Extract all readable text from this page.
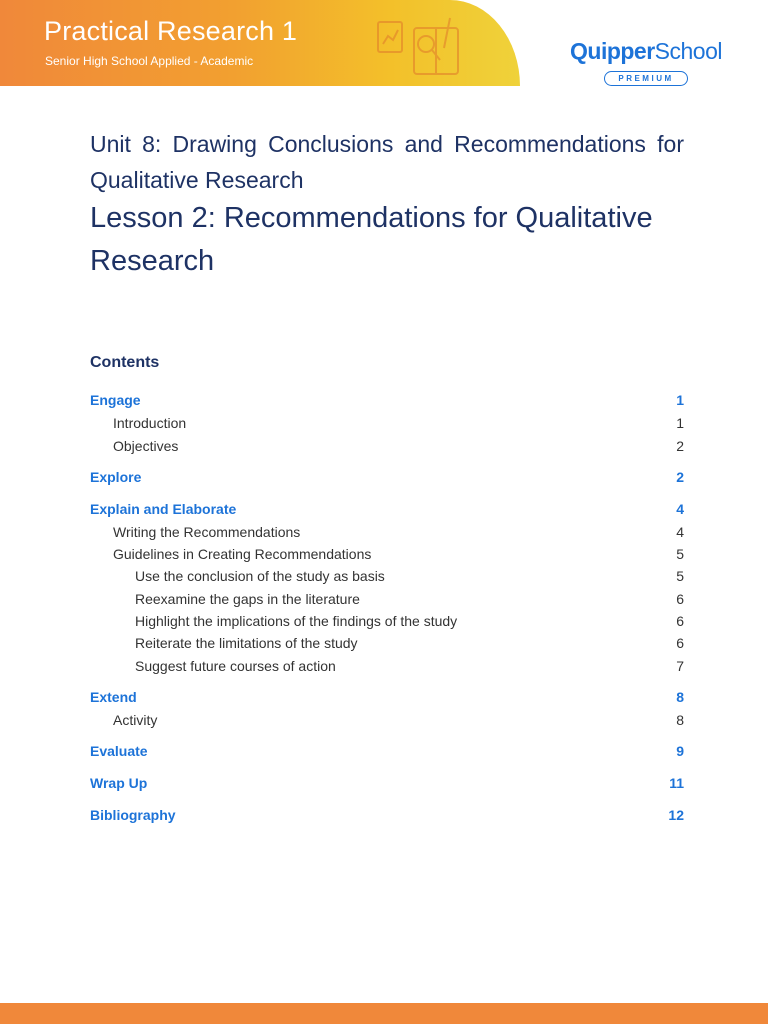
Practical Research 1
Senior High School Applied - Academic	QuipperSchool
PREMIUM
Unit 8: Drawing Conclusions and Recommendations for Qualitative Research
Lesson 2: Recommendations for Qualitative Research
Contents
Engage	1
Introduction	1
Objectives	2
Explore	2
Explain and Elaborate	4
Writing the Recommendations	4
Guidelines in Creating Recommendations	5
Use the conclusion of the study as basis	5
Reexamine the gaps in the literature	6
Highlight the implications of the findings of the study	6
Reiterate the limitations of the study	6
Suggest future courses of action	7
Extend	8
Activity	8
Evaluate	9
Wrap Up	11
Bibliography	12
